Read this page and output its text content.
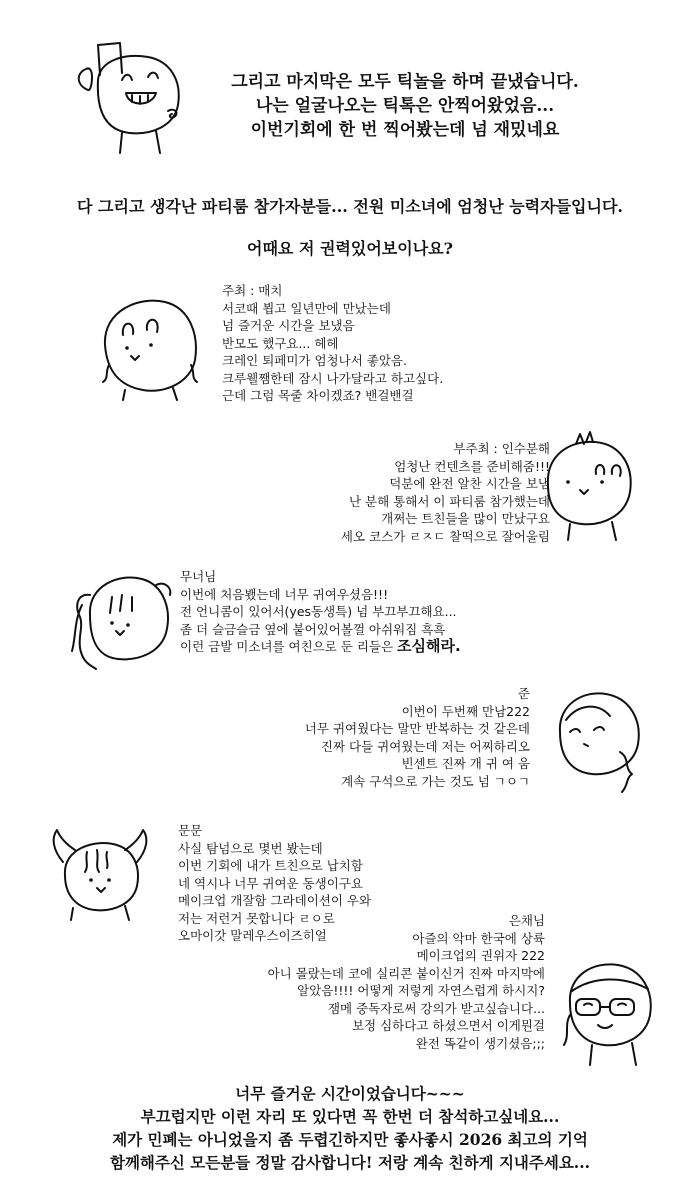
그리고 마지막은 모두 틱놀을 하며 끝냈습니다.
나는 얼굴나오는 틱톡은 안찍어왔었음...
이번기회에 한 번 찍어봤는데 넘 재밌네요
다 그리고 생각난 파티룸 참가자분들... 전원 미소녀에 엄청난 능력자들입니다.
어때요 저 권력있어보이나요?
주최 : 매치
서코때 뵙고 일년만에 만났는데
넘 즐거운 시간을 보냈음
반모도 했구요... 헤헤
크레인 퇴페미가 엄청나서 좋았음.
크루웰쨈한테 잠시 나가달라고 하고싶다.
근데 그럼 목줄 차이겠죠? 밴걸밴걸
부주최 : 인수분해
엄청난 컨텐츠를 준비해줌!!!
덕분에 완전 알찬 시간을 보냄
난 분해 통해서 이 파티룸 참가했는데
개쩌는 트친들을 많이 만났구요
세오 코스가 ㄹㅈㄷ 찰떡으로 잘어울림
무너님
이번에 처음뵀는데 너무 귀여우셨음!!!
전 언니콤이 있어서(yes동생특) 넘 부끄부끄해요...
좀 더 슬금슬금 옆에 붙어있어볼껄 아쉬워짐 흑흑
이런 금발 미소녀를 여친으로 둔 리들은 조심해라.
준
이번이 두번째 만남222
너무 귀여웠다는 말만 반복하는 것 같은데
진짜 다들 귀여웠는데 저는 어찌하리오
빈센트 진짜 개 귀 여 움
계속 구석으로 가는 것도 넘 ㄱㅇㄱ
문문
사실 탐넘으로 몇번 봤는데
이번 기회에 내가 트친으로 납치함
네 역시나 너무 귀여운 동생이구요
메이크업 개잘함 그라데이션이 우와
저는 저런거 못합니다 ㄹㅇ로
오마이갓 말레우스이즈히얼
은채님
아즐의 악마 한국에 상륙
메이크업의 권위자 222
아니 몰랐는데 코에 실리콘 붙이신거 진짜 마지막에
알았음!!!! 어떻게 저렇게 자연스럽게 하시지?
잼메 중독자로써 강의가 받고싶습니다...
보정 심하다고 하셨으면서 이게뭔걸
완전 똑같이 생기셨음;;;
너무 즐거운 시간이었습니다~~~
부끄럽지만 이런 자리 또 있다면 꼭 한번 더 참석하고싶네요...
제가 민폐는 아니었을지 좀 두렵긴하지만 좋사좋시 2026 최고의 기억
함께해주신 모든분들 정말 감사합니다! 저랑 계속 친하게 지내주세요...
